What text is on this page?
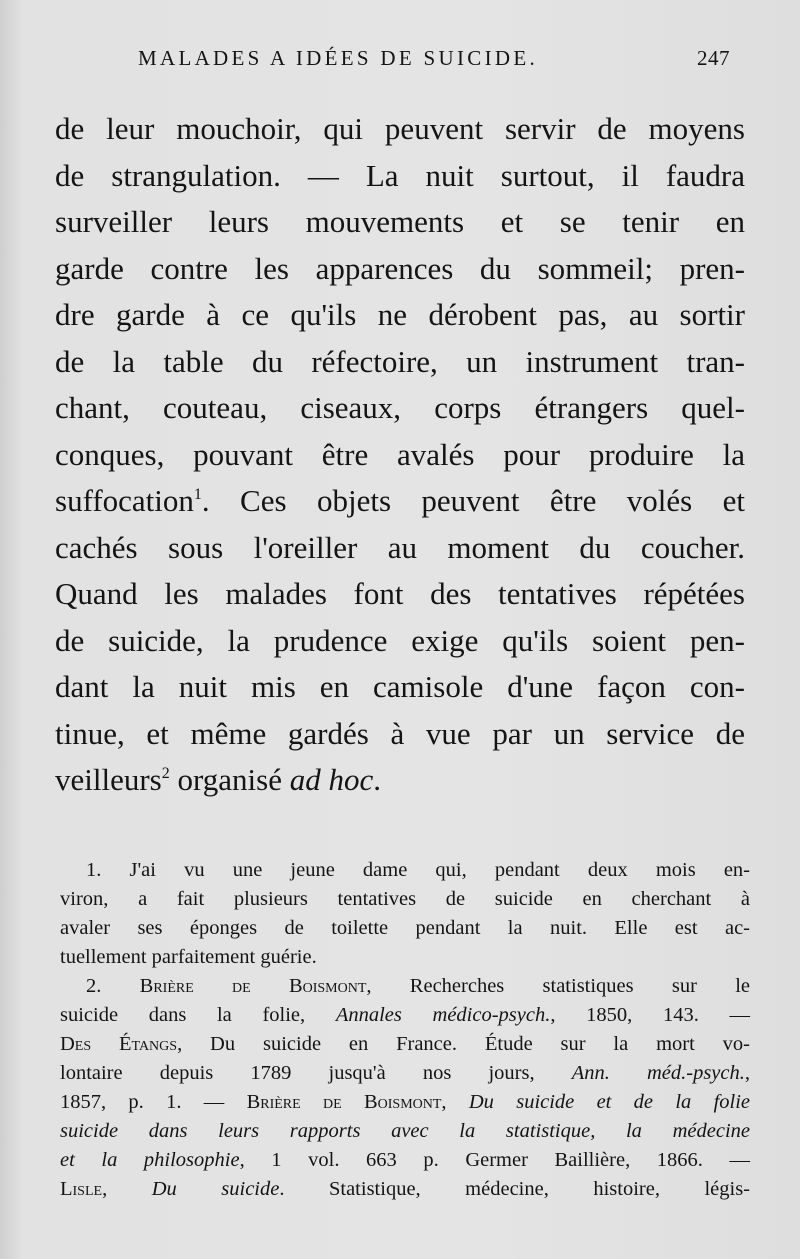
MALADES A IDÉES DE SUICIDE.	247
de leur mouchoir, qui peuvent servir de moyens
de strangulation. — La nuit surtout, il faudra
surveiller leurs mouvements et se tenir en
garde contre les apparences du sommeil; pren-
dre garde à ce qu'ils ne dérobent pas, au sortir
de la table du réfectoire, un instrument tran-
chant, couteau, ciseaux, corps étrangers quel-
conques, pouvant être avalés pour produire la
suffocation$^1$. Ces objets peuvent être volés et
cachés sous l'oreiller au moment du coucher.
Quand les malades font des tentatives répétées
de suicide, la prudence exige qu'ils soient pen-
dant la nuit mis en camisole d'une façon con-
tinue, et même gardés à vue par un service de
veilleurs$^2$ organisé ad hoc.
1. J'ai vu une jeune dame qui, pendant deux mois en-
viron, a fait plusieurs tentatives de suicide en cherchant à
avaler ses éponges de toilette pendant la nuit. Elle est ac-
tuellement parfaitement guérie.
2. Brière de Boismont, Recherches statistiques sur le
suicide dans la folie, Annales médico-psych., 1850, 143. —
Des Étangs, Du suicide en France. Étude sur la mort vo-
lontaire depuis 1789 jusqu'à nos jours, Ann. méd.-psych.,
1857, p. 1. — Brière de Boismont, Du suicide et de la folie
suicide dans leurs rapports avec la statistique, la médecine
et la philosophie, 1 vol. 663 p. Germer Baillière, 1866. —
Lisle, Du suicide. Statistique, médecine, histoire, légis-
